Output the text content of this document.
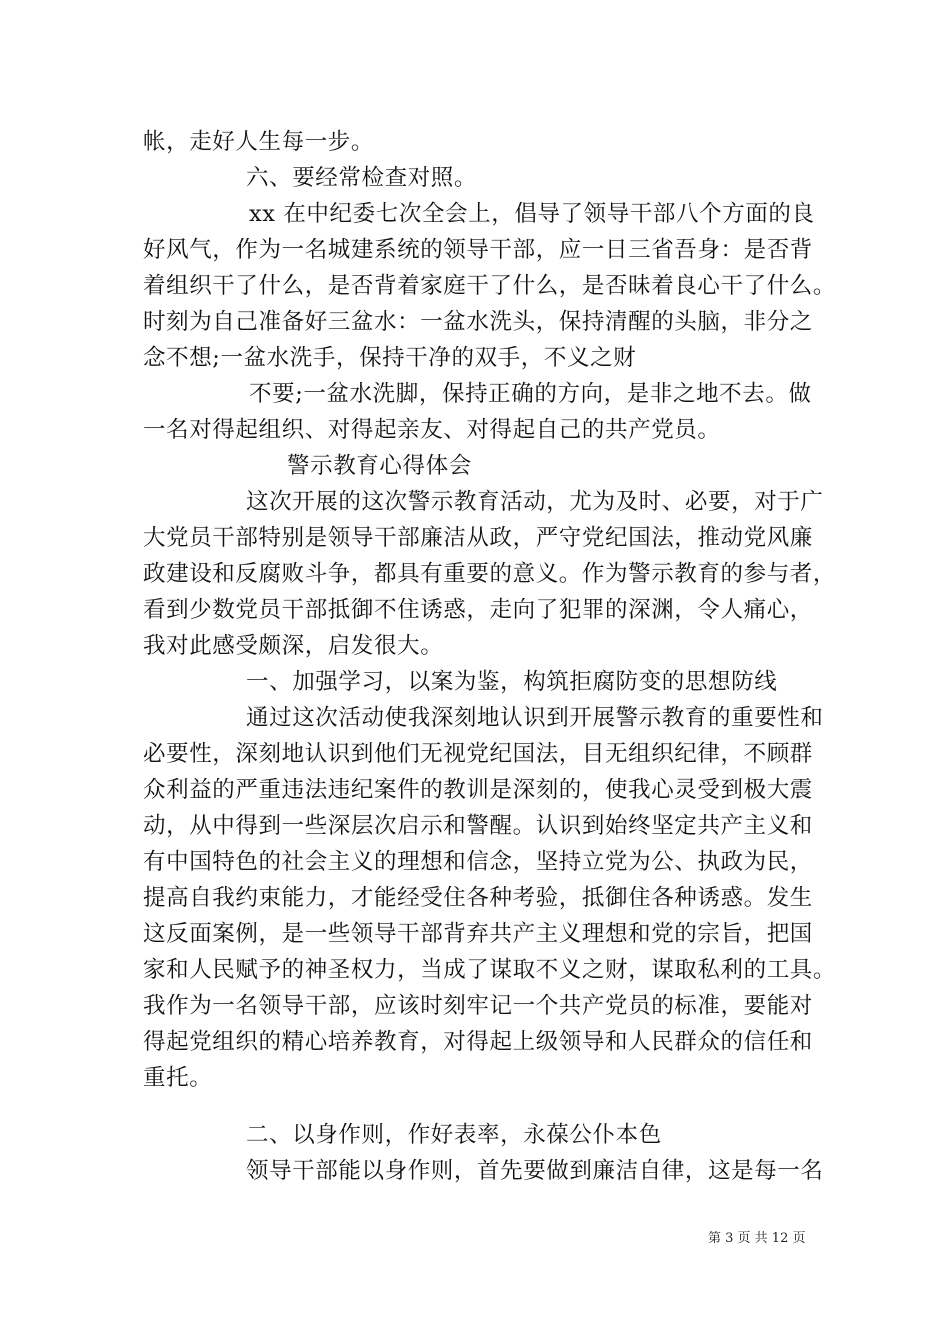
帐，走好人生每一步。
六、要经常检查对照。
xx 在中纪委七次全会上，倡导了领导干部八个方面的良
好风气，作为一名城建系统的领导干部，应一日三省吾身：是否背
着组织干了什么，是否背着家庭干了什么，是否昧着良心干了什么。
时刻为自己准备好三盆水：一盆水洗头，保持清醒的头脑，非分之
念不想;一盆水洗手，保持干净的双手，不义之财
不要;一盆水洗脚，保持正确的方向，是非之地不去。做
一名对得起组织、对得起亲友、对得起自己的共产党员。
警示教育心得体会
这次开展的这次警示教育活动，尤为及时、必要，对于广
大党员干部特别是领导干部廉洁从政，严守党纪国法，推动党风廉
政建设和反腐败斗争，都具有重要的意义。作为警示教育的参与者，
看到少数党员干部抵御不住诱惑，走向了犯罪的深渊，令人痛心，
我对此感受颇深，启发很大。
一、加强学习，以案为鉴，构筑拒腐防变的思想防线
通过这次活动使我深刻地认识到开展警示教育的重要性和
必要性，深刻地认识到他们无视党纪国法，目无组织纪律，不顾群
众利益的严重违法违纪案件的教训是深刻的，使我心灵受到极大震
动，从中得到一些深层次启示和警醒。认识到始终坚定共产主义和
有中国特色的社会主义的理想和信念，坚持立党为公、执政为民，
提高自我约束能力，才能经受住各种考验，抵御住各种诱惑。发生
这反面案例，是一些领导干部背弃共产主义理想和党的宗旨，把国
家和人民赋予的神圣权力，当成了谋取不义之财，谋取私利的工具。
我作为一名领导干部，应该时刻牢记一个共产党员的标准，要能对
得起党组织的精心培养教育，对得起上级领导和人民群众的信任和
重托。
二、以身作则，作好表率，永葆公仆本色
领导干部能以身作则，首先要做到廉洁自律，这是每一名
第 3 页 共 12 页
